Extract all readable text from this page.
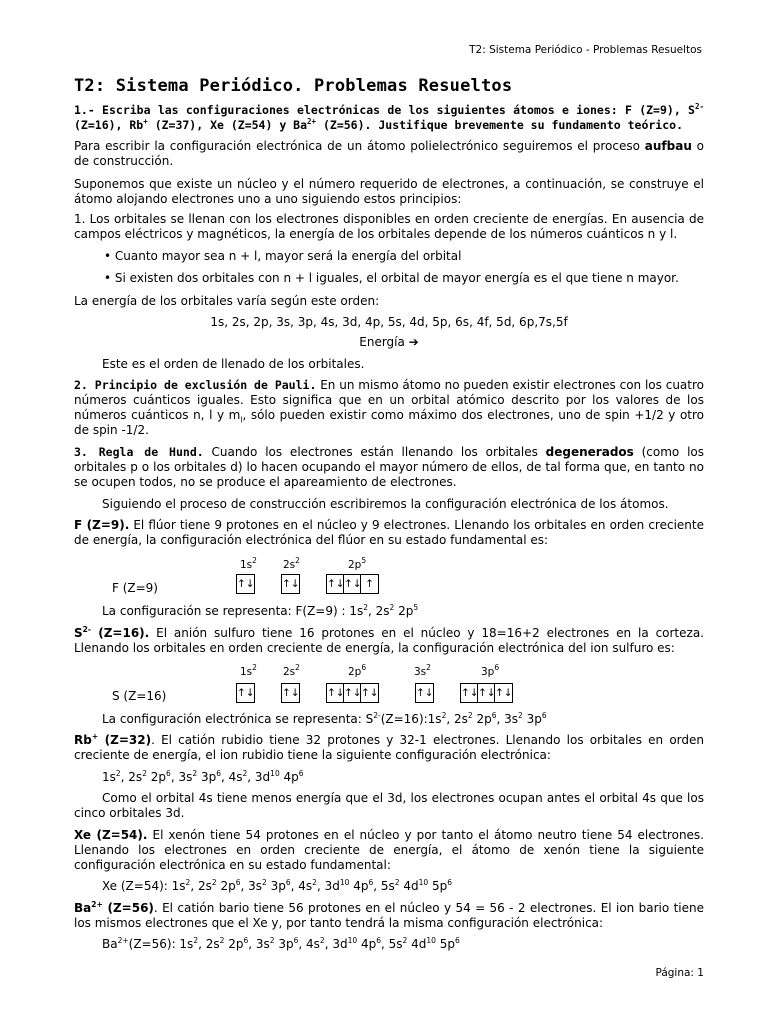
T2: Sistema Periódico - Problemas Resueltos
T2: Sistema Periódico. Problemas Resueltos
1.- Escriba las configuraciones electrónicas de los siguientes átomos e iones: F (Z=9), $S^{2-}$ (Z=16), Rb+ (Z=37), Xe (Z=54) y $Ba^{2+}$ (Z=56). Justifique brevemente su fundamento teórico.
Para escribir la configuración electrónica de un átomo polielectrónico seguiremos el proceso aufbau o de construcción.
Suponemos que existe un núcleo y el número requerido de electrones, a continuación, se construye el átomo alojando electrones uno a uno siguiendo estos principios:
1. Los orbitales se llenan con los electrones disponibles en orden creciente de energías. En ausencia de campos eléctricos y magnéticos, la energía de los orbitales depende de los números cuánticos n y l.
• Cuanto mayor sea n + l, mayor será la energía del orbital
• Si existen dos orbitales con n + l iguales, el orbital de mayor energía es el que tiene n mayor.
La energía de los orbitales varía según este orden:
1s, 2s, 2p, 3s, 3p, 4s, 3d, 4p, 5s, 4d, 5p, 6s, 4f, 5d, 6p,7s,5f
Energía ➔
Este es el orden de llenado de los orbitales.
2. Principio de exclusión de Pauli. En un mismo átomo no pueden existir electrones con los cuatro números cuánticos iguales. Esto significa que en un orbital atómico descrito por los valores de los números cuánticos n, l y $m_l$, sólo pueden existir como máximo dos electrones, uno de spin +1/2 y otro de spin -1/2.
3. Regla de Hund. Cuando los electrones están llenando los orbitales degenerados (como los orbitales p o los orbitales d) lo hacen ocupando el mayor número de ellos, de tal forma que, en tanto no se ocupen todos, no se produce el apareamiento de electrones.
Siguiendo el proceso de construcción escribiremos la configuración electrónica de los átomos.
F (Z=9). El flúor tiene 9 protones en el núcleo y 9 electrones. Llenando los orbitales en orden creciente de energía, la configuración electrónica del flúor en su estado fundamental es:
$1s^2$ $2s^2$	$2p^5$
F (Z=9)	↑↓	↑↓	↑↓↑↓ ↑
La configuración se representa: F(Z=9) : $1s^2$, $2s^2$ $2p^5$
$S^{2-}$ (Z=16). El anión sulfuro tiene 16 protones en el núcleo y 18=16+2 electrones en la corteza. Llenando los orbitales en orden creciente de energía, la configuración electrónica del ion sulfuro es:
$1s^2$ $2s^2$	$2p^6$	$3s^2$	$3p^6$
S (Z=16)	↑↓	↑↓	↑↓↑↓↑↓	↑↓	↑↓↑↓↑↓
La configuración electrónica se representa: $S^{2-}(Z=16):1s^2$, $2s^2$ $2p^6$, $3s^2$ $3p^6$
Rb+ (Z=32). El catión rubidio tiene 32 protones y 32-1 electrones. Llenando los orbitales en orden creciente de energía, el ion rubidio tiene la siguiente configuración electrónica:
$1s^2$, $2s^2$ $2p^6$, $3s^2$ $3p^6$, $4s^2$, $3d^{10}$ $4p^6$
Como el orbital 4s tiene menos energía que el 3d, los electrones ocupan antes el orbital 4s que los cinco orbitales 3d.
Xe (Z=54). El xenón tiene 54 protones en el núcleo y por tanto el átomo neutro tiene 54 electrones. Llenando los electrones en orden creciente de energía, el átomo de xenón tiene la siguiente configuración electrónica en su estado fundamental:
Xe (Z=54): $1s^2$, $2s^2$ $2p^6$, $3s^2$ $3p^6$, $4s^2$, $3d^{10}$ $4p^6$, $5s^2$ $4d^{10}$ $5p^6$
$Ba^{2+}$ (Z=56). El catión bario tiene 56 protones en el núcleo y 54 = 56 - 2 electrones. El ion bario tiene los mismos electrones que el Xe y, por tanto tendrá la misma configuración electrónica:
$Ba^{2+}(Z=56)$: $1s^2$, $2s^2$ $2p^6$, $3s^2$ $3p^6$, $4s^2$, $3d^{10}$ $4p^6$, $5s^2$ $4d^{10}$ $5p^6$
Página: 1
